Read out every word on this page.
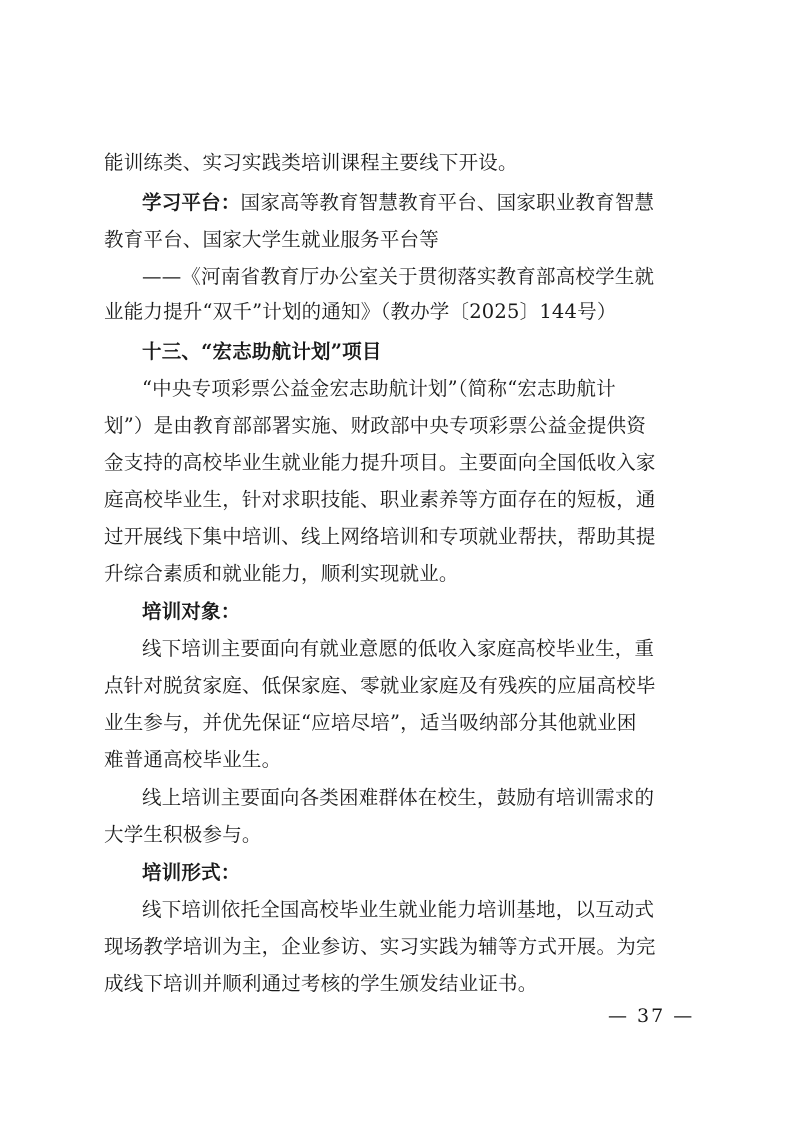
能训练类、实习实践类培训课程主要线下开设。
学习平台：国家高等教育智慧教育平台、国家职业教育智慧
教育平台、国家大学生就业服务平台等
——《河南省教育厅办公室关于贯彻落实教育部高校学生就
业能力提升“双千”计划的通知》（教办学〔2025〕144号）
十三、“宏志助航计划”项目
“中央专项彩票公益金宏志助航计划”（简称“宏志助航计
划”）是由教育部部署实施、财政部中央专项彩票公益金提供资
金支持的高校毕业生就业能力提升项目。主要面向全国低收入家
庭高校毕业生，针对求职技能、职业素养等方面存在的短板，通
过开展线下集中培训、线上网络培训和专项就业帮扶，帮助其提
升综合素质和就业能力，顺利实现就业。
培训对象：
线下培训主要面向有就业意愿的低收入家庭高校毕业生，重
点针对脱贫家庭、低保家庭、零就业家庭及有残疾的应届高校毕
业生参与，并优先保证“应培尽培”，适当吸纳部分其他就业困
难普通高校毕业生。
线上培训主要面向各类困难群体在校生，鼓励有培训需求的
大学生积极参与。
培训形式：
线下培训依托全国高校毕业生就业能力培训基地，以互动式
现场教学培训为主，企业参访、实习实践为辅等方式开展。为完
成线下培训并顺利通过考核的学生颁发结业证书。
— 37 —
